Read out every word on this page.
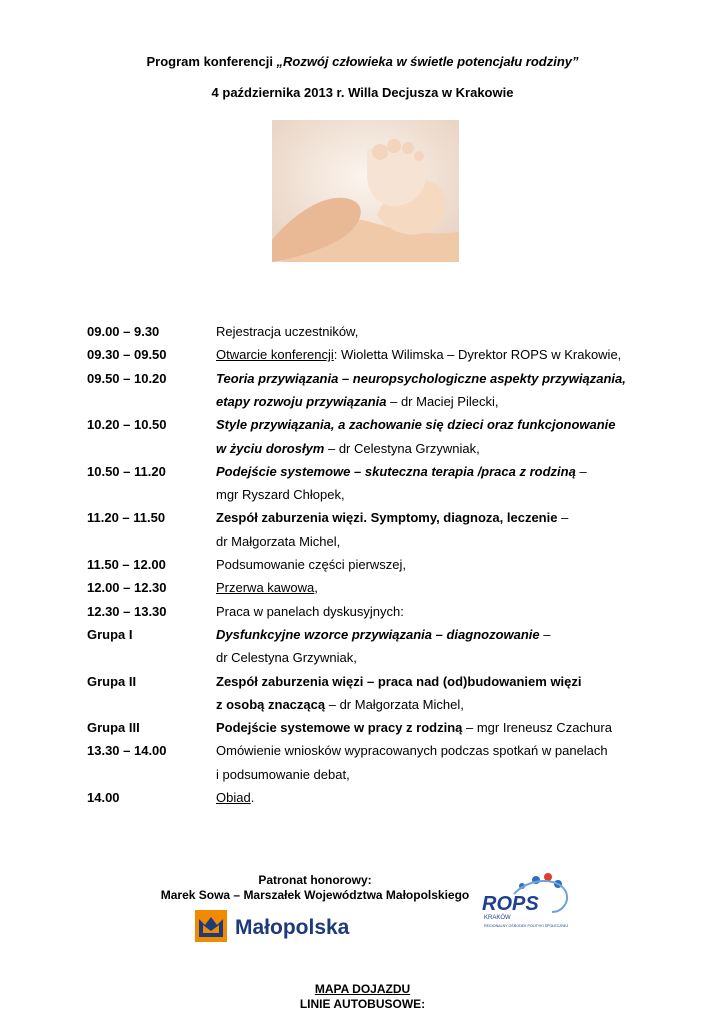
Program konferencji „Rozwój człowieka w świetle potencjału rodziny”
4 października 2013 r. Willa Decjusza w Krakowie
09.00 – 9.30	Rejestracja uczestników,
09.30 – 09.50	Otwarcie konferencji: Wioletta Wilimska – Dyrektor ROPS w Krakowie,
09.50 – 10.20	Teoria przywiązania – neuropsychologiczne aspekty przywiązania,
etapy rozwoju przywiązania – dr Maciej Pilecki,
10.20 – 10.50	Style przywiązania, a zachowanie się dzieci oraz funkcjonowanie
w życiu dorosłym – dr Celestyna Grzywniak,
10.50 – 11.20	Podejście systemowe – skuteczna terapia /praca z rodziną –
mgr Ryszard Chłopek,
11.20 – 11.50	Zespół zaburzenia więzi. Symptomy, diagnoza, leczenie –
dr Małgorzata Michel,
11.50 – 12.00	Podsumowanie części pierwszej,
12.00 – 12.30	Przerwa kawowa,
12.30 – 13.30	Praca w panelach dyskusyjnych:
Grupa I	Dysfunkcyjne wzorce przywiązania – diagnozowanie –
dr Celestyna Grzywniak,
Grupa II	Zespół zaburzenia więzi – praca nad (od)budowaniem więzi
z osobą znaczącą – dr Małgorzata Michel,
Grupa III	Podejście systemowe w pracy z rodziną – mgr Ireneusz Czachura
13.30 – 14.00	Omówienie wniosków wypracowanych podczas spotkań w panelach
i podsumowanie debat,
14.00	Obiad.
Patronat honorowy:
Marek Sowa – Marszałek Województwa Małopolskiego
Małopolska
ROPS
KRAKÓW
REGIONALNY OŚRODEK POLITYKI SPOŁECZNEJ
MAPA DOJAZDU
LINIE AUTOBUSOWE:
